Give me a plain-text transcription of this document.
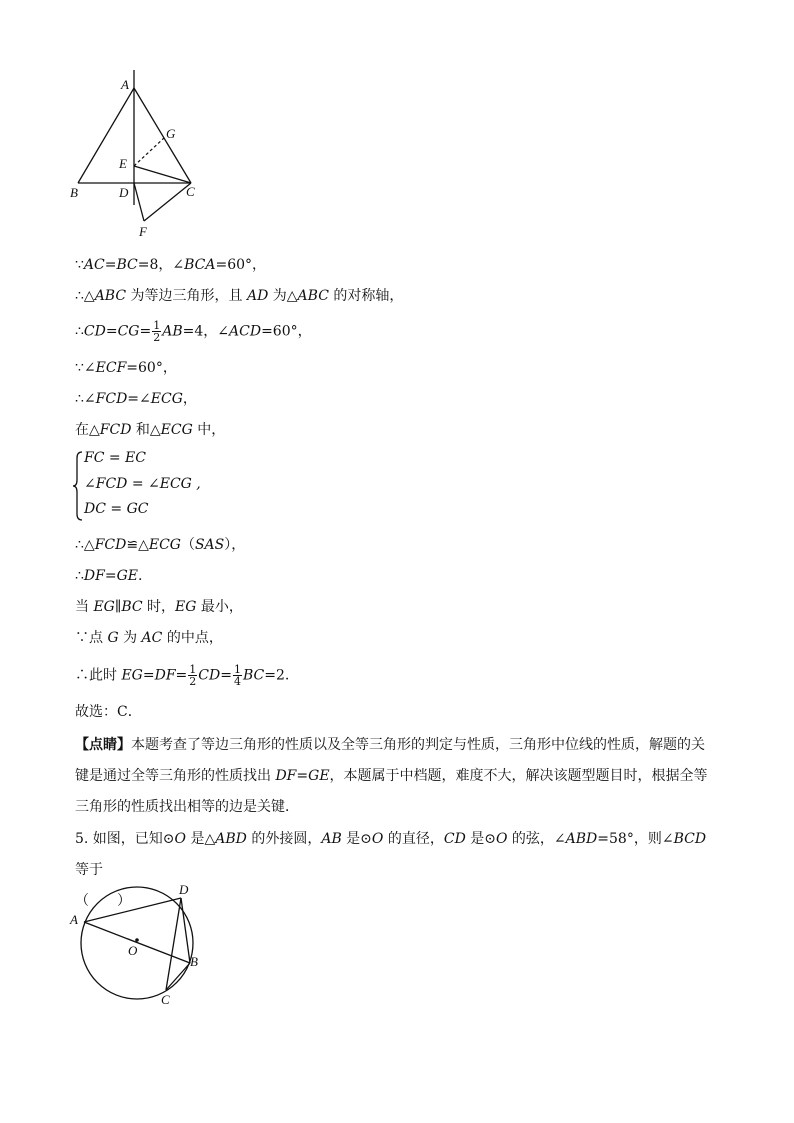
A
G
E
B	D	C
F
∵AC=BC=8，∠BCA=60°，
∴△ABC 为等边三角形，且 AD 为△ABC 的对称轴，
∴CD=CG= $\frac{1}{2} AB=4$，∠ACD=60°，
∵∠ECF=60°，
∴∠FCD=∠ECG，
在△FCD 和△ECG 中，
FC = EC
∠FCD = ∠ECG ,
DC = GC
∴△FCD≌△ECG（SAS），
∴DF=GE.
当 EG∥BC 时，EG 最小，
∵点 G 为 AC 的中点，
∴此时 $EG=DF= \frac{1}{2} CD= \frac{1}{4} BC=2$.
故选：C．
【点睛】本题考查了等边三角形的性质以及全等三角形的判定与性质，三角形中位线的性质，解题的关键是通过全等三角形的性质找出 DF=GE，本题属于中档题，难度不大，解决该题型题目时，根据全等三角形的性质找出相等的边是关键．
5. 如图，已知⊙O 是△ABD 的外接圆，AB 是⊙O 的直径，CD 是⊙O 的弦，∠ABD=58°，则∠BCD 等于
（　　）
A
D
O
B
C
